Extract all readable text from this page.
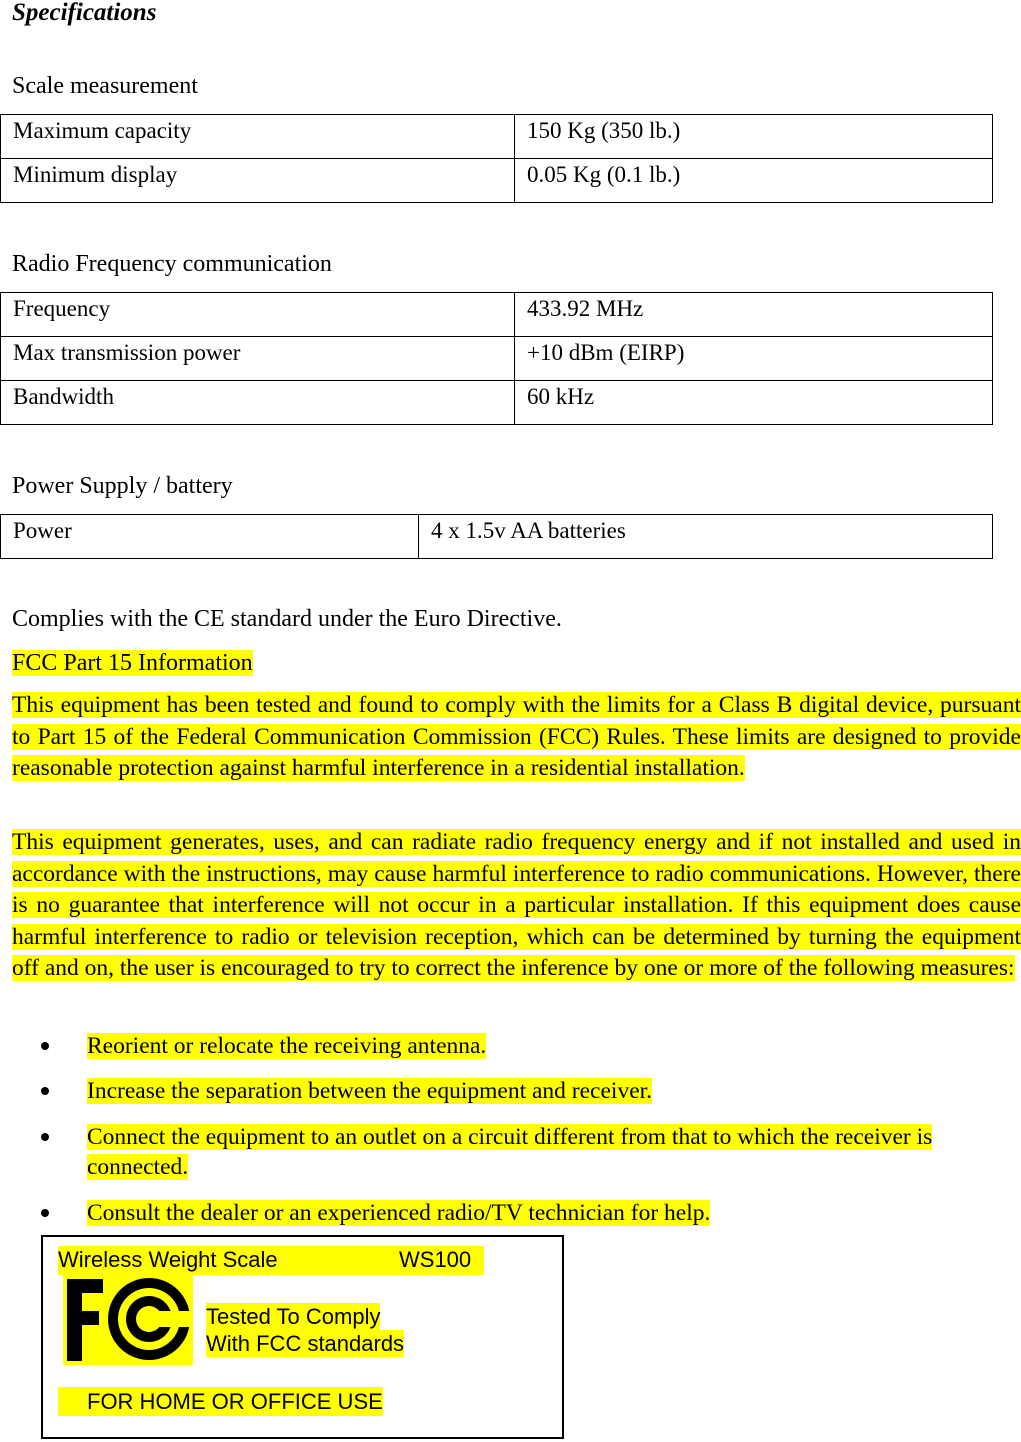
Specifications
Scale measurement
Maximum capacity	150 Kg (350 lb.)
Minimum display	0.05 Kg (0.1 lb.)
Radio Frequency communication
Frequency	433.92 MHz
Max transmission power	+10 dBm (EIRP)
Bandwidth	60 kHz
Power Supply / battery
Power	4 x 1.5v AA batteries
Complies with the CE standard under the Euro Directive.
FCC Part 15 Information
This equipment has been tested and found to comply with the limits for a Class B digital device, pursuant to Part 15 of the Federal Communication Commission (FCC) Rules. These limits are designed to provide reasonable protection against harmful interference in a residential installation.
This equipment generates, uses, and can radiate radio frequency energy and if not installed and used in accordance with the instructions, may cause harmful interference to radio communications. However, there is no guarantee that interference will not occur in a particular installation. If this equipment does cause harmful interference to radio or television reception, which can be determined by turning the equipment off and on, the user is encouraged to try to correct the inference by one or more of the following measures:
Reorient or relocate the receiving antenna.
Increase the separation between the equipment and receiver.
Connect the equipment to an outlet on a circuit different from that to which the receiver is connected.
Consult the dealer or an experienced radio/TV technician for help.
Wireless Weight Scale	WS100
Tested To Comply
With FCC standards
FOR HOME OR OFFICE USE
